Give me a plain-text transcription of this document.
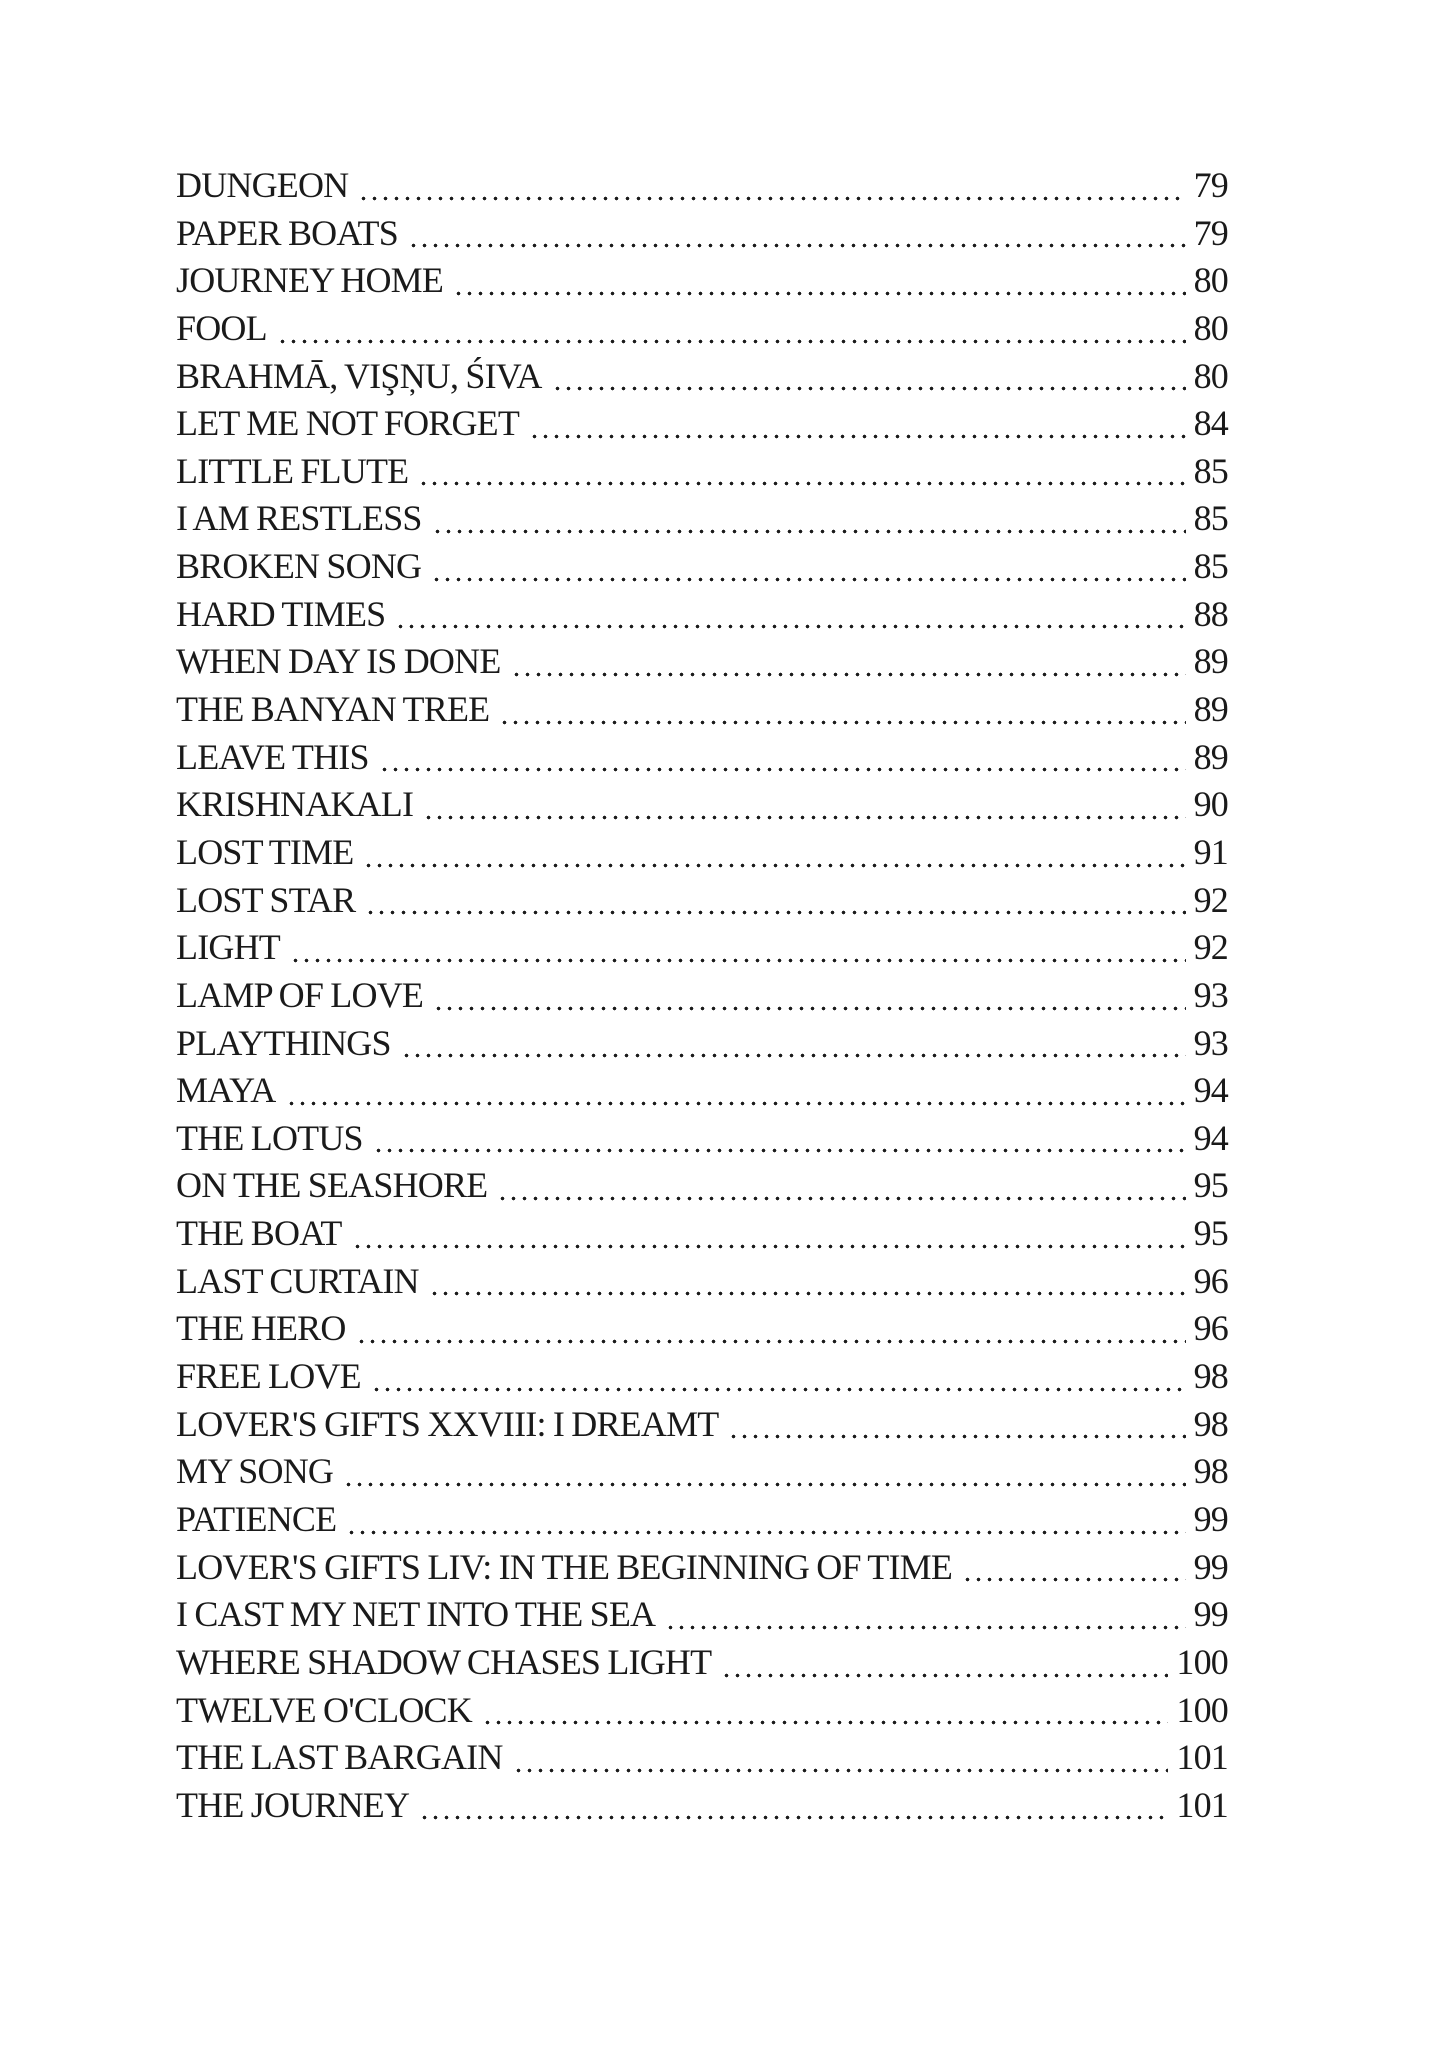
DUNGEON	79
PAPER BOATS	79
JOURNEY HOME	80
FOOL	80
BRAHMĀ, VIŞŅU, ŚIVA	80
LET ME NOT FORGET	84
LITTLE FLUTE	85
I AM RESTLESS	85
BROKEN SONG	85
HARD TIMES	88
WHEN DAY IS DONE	89
THE BANYAN TREE	89
LEAVE THIS	89
KRISHNAKALI	90
LOST TIME	91
LOST STAR	92
LIGHT	92
LAMP OF LOVE	93
PLAYTHINGS	93
MAYA	94
THE LOTUS	94
ON THE SEASHORE	95
THE BOAT	95
LAST CURTAIN	96
THE HERO	96
FREE LOVE	98
LOVER'S GIFTS XXVIII: I DREAMT	98
MY SONG	98
PATIENCE	99
LOVER'S GIFTS LIV: IN THE BEGINNING OF TIME	99
I CAST MY NET INTO THE SEA	99
WHERE SHADOW CHASES LIGHT	100
TWELVE O'CLOCK	100
THE LAST BARGAIN	101
THE JOURNEY	101
